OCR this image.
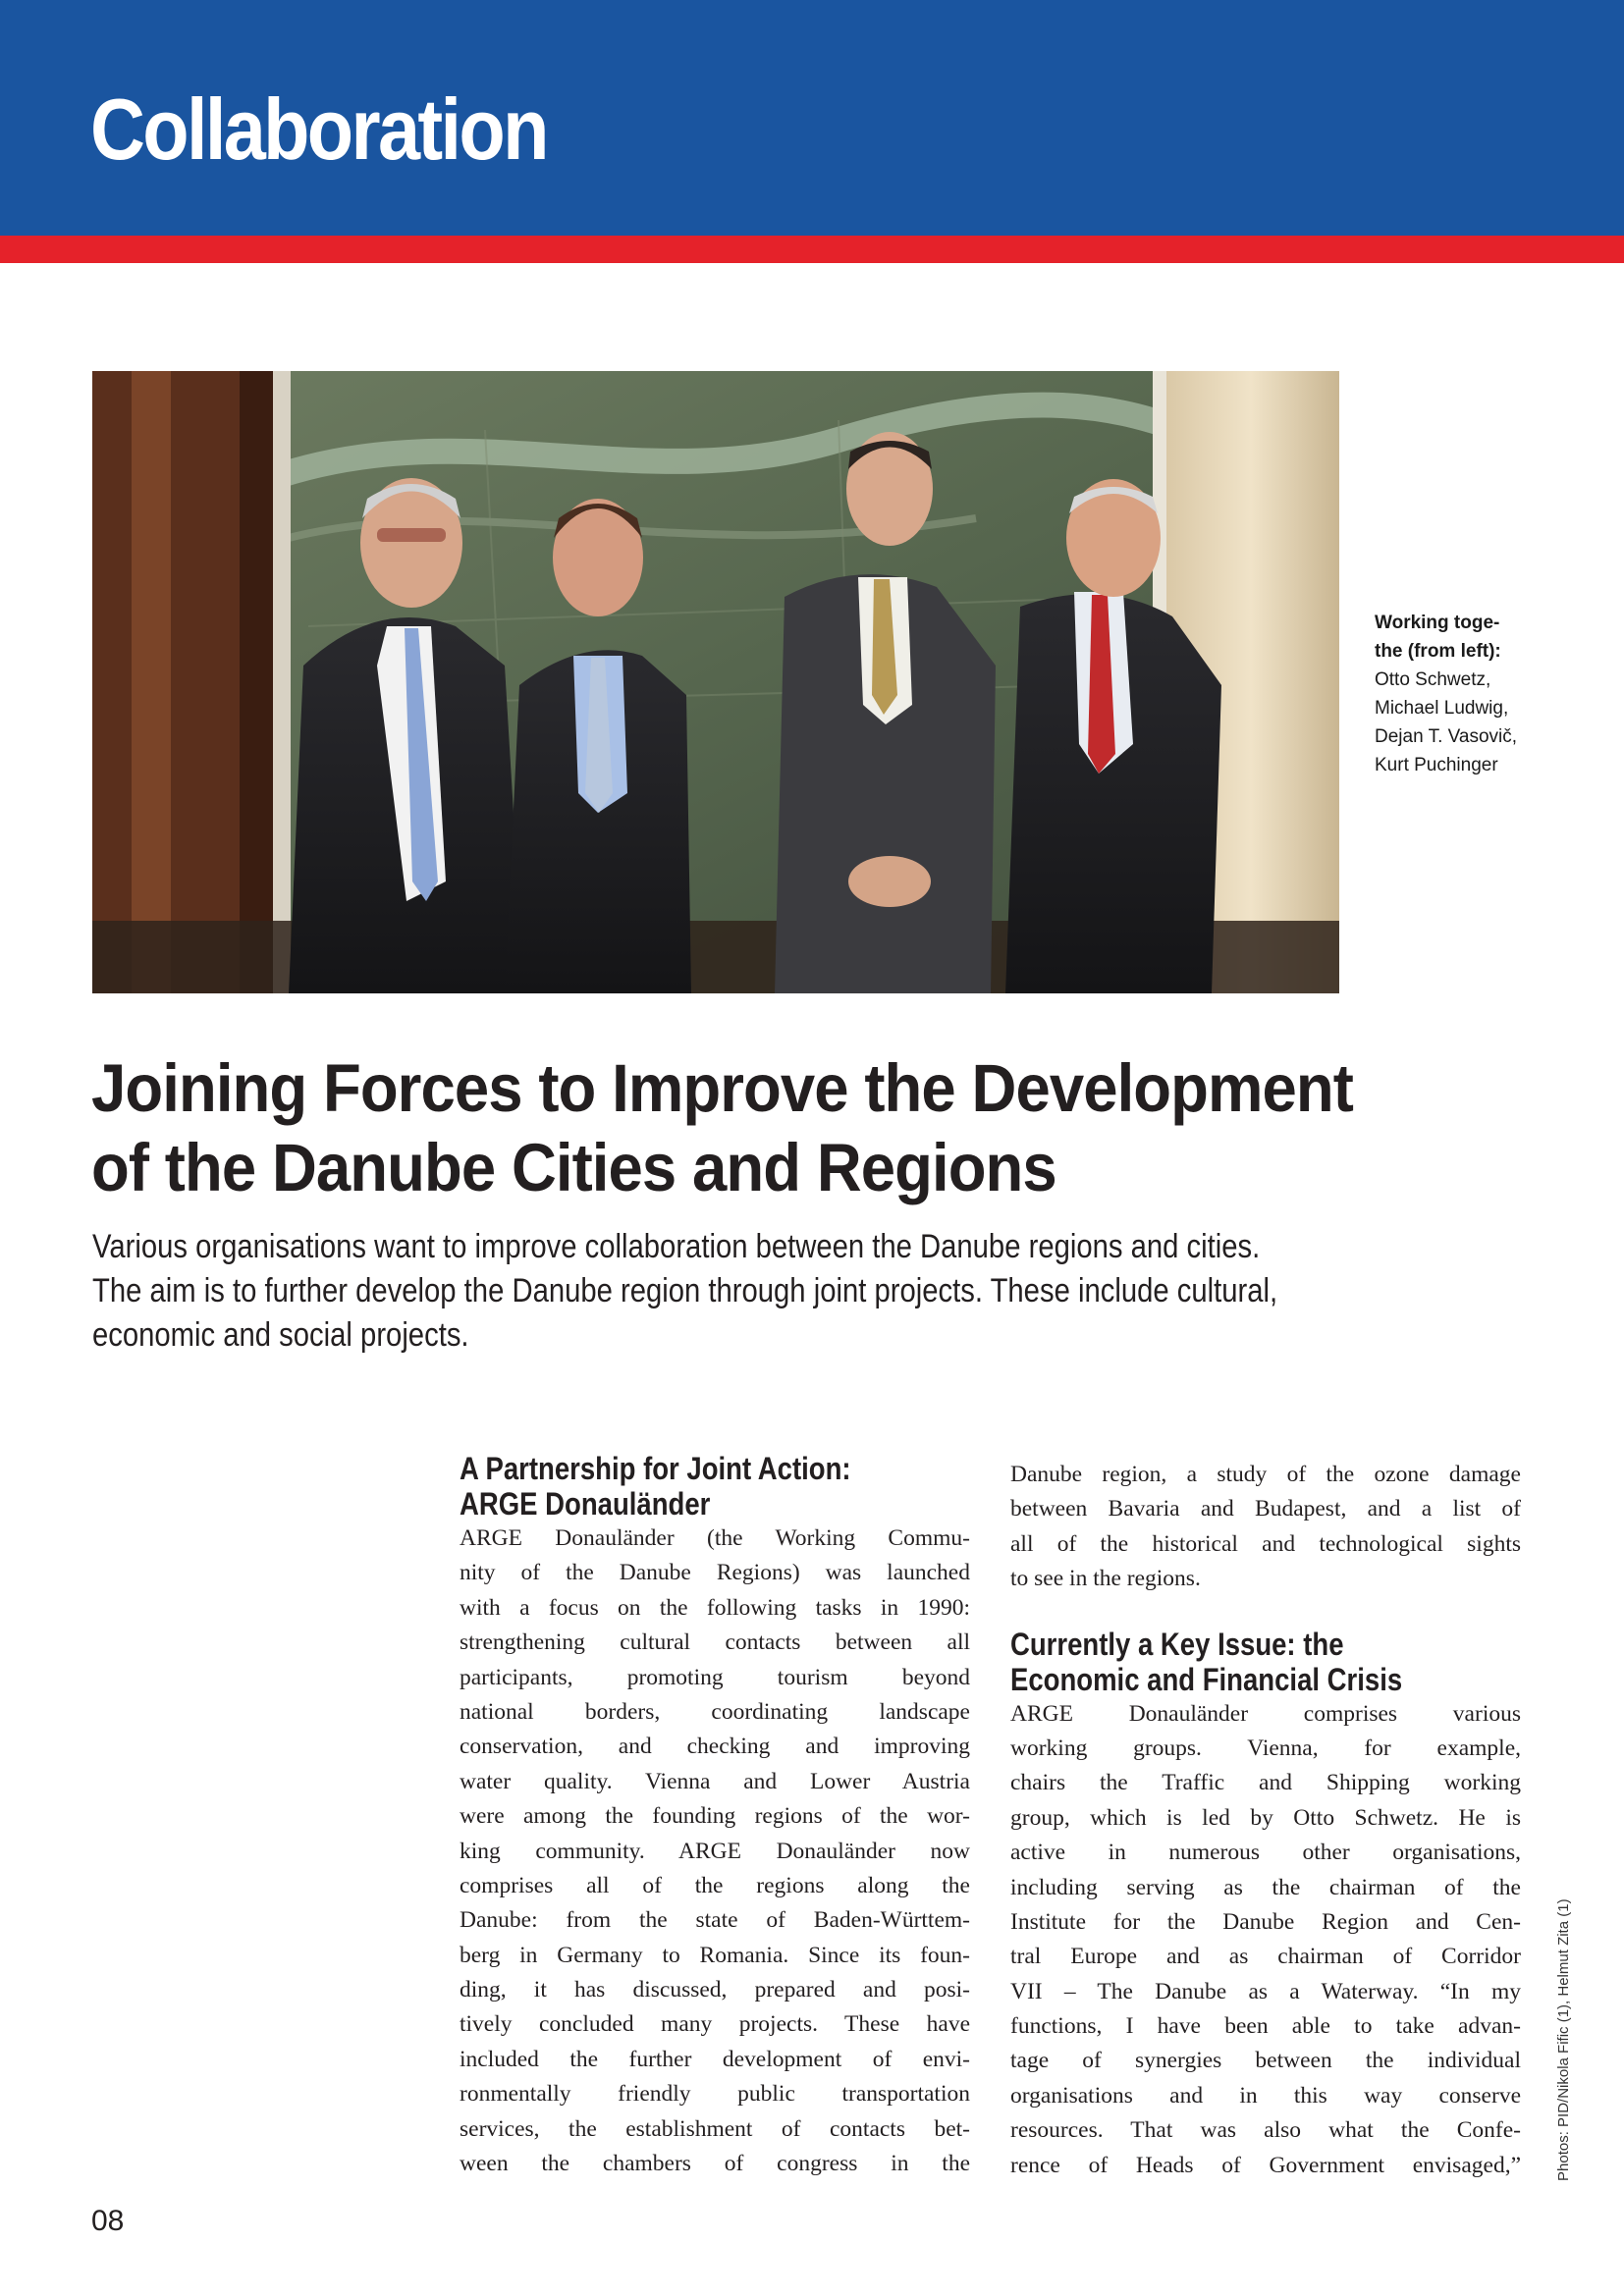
Collaboration
Working toge-
the (from left):
Otto Schwetz,
Michael Ludwig,
Dejan T. Vasovič,
Kurt Puchinger
Joining Forces to Improve the Development
of the Danube Cities and Regions

Various organisations want to improve collaboration between the Danube regions and cities.
The aim is to further develop the Danube region through joint projects. These include cultural,
economic and social projects.

A Partnership for Joint Action:
ARGE Donauländer
ARGE Donauländer (the Working Commu-
nity of the Danube Regions) was launched
with a focus on the following tasks in 1990:
strengthening cultural contacts between all
participants, promoting tourism beyond
national borders, coordinating landscape
conservation, and checking and improving
water quality. Vienna and Lower Austria
were among the founding regions of the wor-
king community. ARGE Donauländer now
comprises all of the regions along the
Danube: from the state of Baden-Württem-
berg in Germany to Romania. Since its foun-
ding, it has discussed, prepared and posi-
tively concluded many projects. These have
included the further development of envi-
ronmentally friendly public transportation
services, the establishment of contacts bet-
ween the chambers of congress in the
Danube region, a study of the ozone damage
between Bavaria and Budapest, and a list of
all of the historical and technological sights
to see in the regions.
Currently a Key Issue: the
Economic and Financial Crisis
ARGE Donauländer comprises various
working groups. Vienna, for example,
chairs the Traffic and Shipping working
group, which is led by Otto Schwetz. He is
active in numerous other organisations,
including serving as the chairman of the
Institute for the Danube Region and Cen-
tral Europe and as chairman of Corridor
VII – The Danube as a Waterway. “In my
functions, I have been able to take advan-
tage of synergies between the individual
organisations and in this way conserve
resources. That was also what the Confe-
rence of Heads of Government envisaged,” Photos: PID/Nikola Fific (1), Helmut Zita (1)
08
